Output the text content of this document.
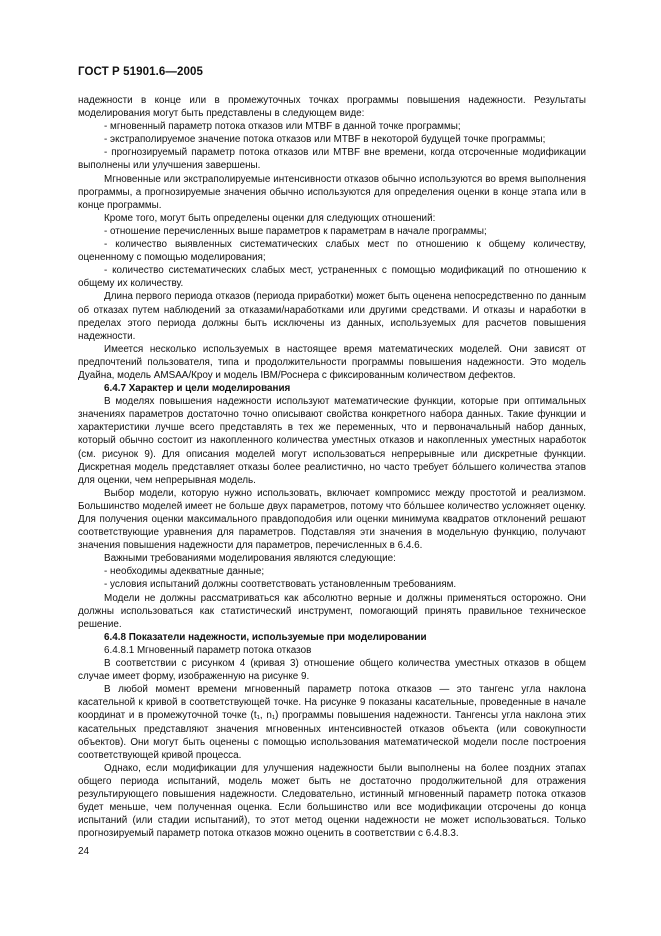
ГОСТ Р 51901.6—2005

надежности в конце или в промежуточных точках программы повышения надежности. Результаты моделирования могут быть представлены в следующем виде:

- мгновенный параметр потока отказов или MTBF в данной точке программы;

- экстраполируемое значение потока отказов или MTBF в некоторой будущей точке программы;

- прогнозируемый параметр потока отказов или MTBF вне времени, когда отсроченные модификации выполнены или улучшения завершены.

Мгновенные или экстраполируемые интенсивности отказов обычно используются во время выполнения программы, а прогнозируемые значения обычно используются для определения оценки в конце этапа или в конце программы.

Кроме того, могут быть определены оценки для следующих отношений:

- отношение перечисленных выше параметров к параметрам в начале программы;

- количество выявленных систематических слабых мест по отношению к общему количеству, оцененному с помощью моделирования;

- количество систематических слабых мест, устраненных с помощью модификаций по отношению к общему их количеству.

Длина первого периода отказов (периода приработки) может быть оценена непосредственно по данным об отказах путем наблюдений за отказами/наработками или другими средствами. И отказы и наработки в пределах этого периода должны быть исключены из данных, используемых для расчетов повышения надежности.

Имеется несколько используемых в настоящее время математических моделей. Они зависят от предпочтений пользователя, типа и продолжительности программы повышения надежности. Это модель Дуайна, модель AMSAA/Кроу и модель IBM/Роснера с фиксированным количеством дефектов.

6.4.7 Характер и цели моделирования

В моделях повышения надежности используют математические функции, которые при оптимальных значениях параметров достаточно точно описывают свойства конкретного набора данных. Такие функции и характеристики лучше всего представлять в тех же переменных, что и первоначальный набор данных, который обычно состоит из накопленного количества уместных отказов и накопленных уместных наработок (см. рисунок 9). Для описания моделей могут использоваться непрерывные или дискретные функции. Дискретная модель представляет отказы более реалистично, но часто требует бóльшего количества этапов для оценки, чем непрерывная модель.

Выбор модели, которую нужно использовать, включает компромисс между простотой и реализмом. Большинство моделей имеет не больше двух параметров, потому что бóльшее количество усложняет оценку. Для получения оценки максимального правдоподобия или оценки минимума квадратов отклонений решают соответствующие уравнения для параметров. Подставляя эти значения в модельную функцию, получают значения повышения надежности для параметров, перечисленных в 6.4.6.

Важными требованиями моделирования являются следующие:

- необходимы адекватные данные;

- условия испытаний должны соответствовать установленным требованиям.

Модели не должны рассматриваться как абсолютно верные и должны применяться осторожно. Они должны использоваться как статистический инструмент, помогающий принять правильное техническое решение.

6.4.8 Показатели надежности, используемые при моделировании

6.4.8.1 Мгновенный параметр потока отказов

В соответствии с рисунком 4 (кривая 3) отношение общего количества уместных отказов в общем случае имеет форму, изображенную на рисунке 9.

В любой момент времени мгновенный параметр потока отказов — это тангенс угла наклона касательной к кривой в соответствующей точке. На рисунке 9 показаны касательные, проведенные в начале координат и в промежуточной точке (t₁, n₁) программы повышения надежности. Тангенсы угла наклона этих касательных представляют значения мгновенных интенсивностей отказов объекта (или совокупности объектов). Они могут быть оценены с помощью использования математической модели после построения соответствующей кривой процесса.

Однако, если модификации для улучшения надежности были выполнены на более поздних этапах общего периода испытаний, модель может быть не достаточно продолжительной для отражения результирующего повышения надежности. Следовательно, истинный мгновенный параметр потока отказов будет меньше, чем полученная оценка. Если большинство или все модификации отсрочены до конца испытаний (или стадии испытаний), то этот метод оценки надежности не может использоваться. Только прогнозируемый параметр потока отказов можно оценить в соответствии с 6.4.8.3.

24
